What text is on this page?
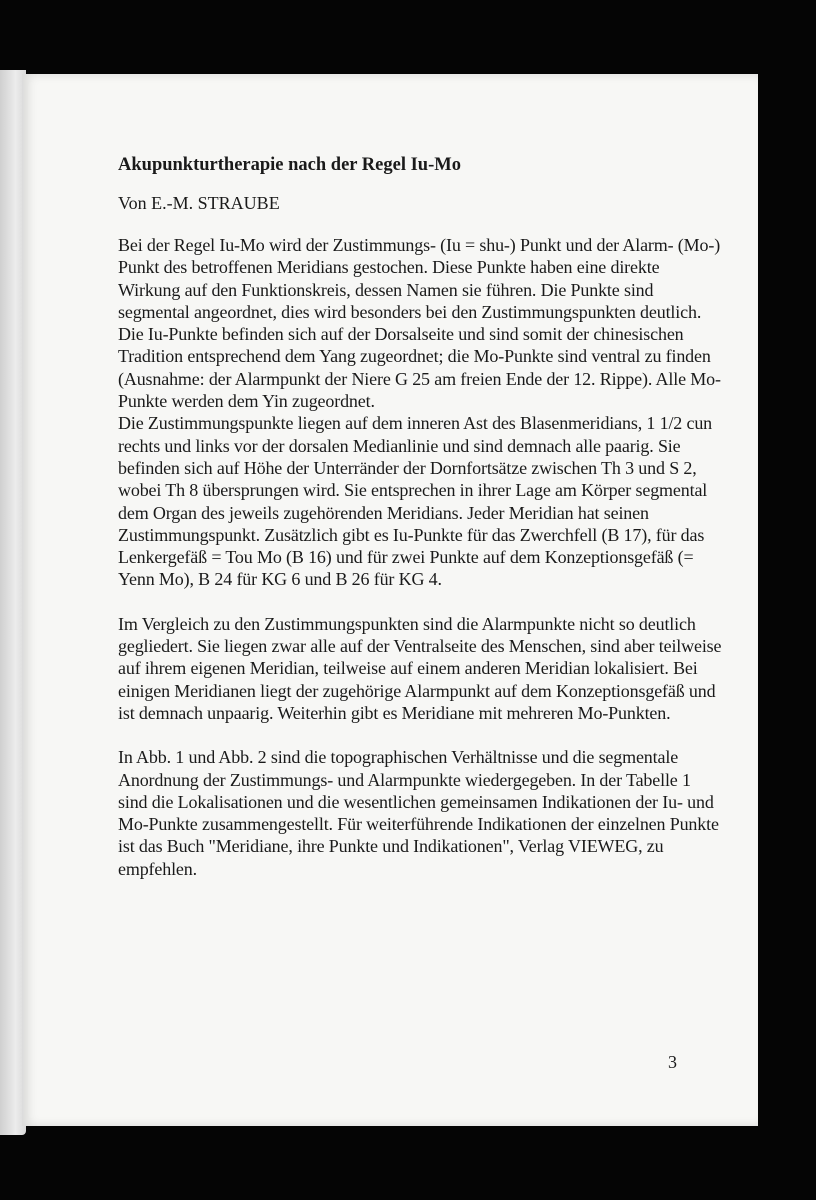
Akupunkturtherapie nach der Regel Iu-Mo

Von E.-M. STRAUBE

Bei der Regel Iu-Mo wird der Zustimmungs- (Iu = shu-) Punkt und der Alarm- (Mo-) Punkt des betroffenen Meridians gestochen. Diese Punkte haben eine direkte Wirkung auf den Funktionskreis, dessen Namen sie führen. Die Punkte sind segmental angeordnet, dies wird besonders bei den Zustimmungspunkten deutlich. Die Iu-Punkte befinden sich auf der Dorsalseite und sind somit der chinesischen Tradition entsprechend dem Yang zugeordnet; die Mo-Punkte sind ventral zu finden (Ausnahme: der Alarmpunkt der Niere G 25 am freien Ende der 12. Rippe). Alle Mo-Punkte werden dem Yin zugeordnet.

Die Zustimmungspunkte liegen auf dem inneren Ast des Blasenmeridians, 1 1/2 cun rechts und links vor der dorsalen Medianlinie und sind demnach alle paarig. Sie befinden sich auf Höhe der Unterränder der Dornfortsätze zwischen Th 3 und S 2, wobei Th 8 übersprungen wird. Sie entsprechen in ihrer Lage am Körper segmental dem Organ des jeweils zugehörenden Meridians. Jeder Meridian hat seinen Zustimmungspunkt. Zusätzlich gibt es Iu-Punkte für das Zwerchfell (B 17), für das Lenkergefäß = Tou Mo (B 16) und für zwei Punkte auf dem Konzeptionsgefäß (= Yenn Mo), B 24 für KG 6 und B 26 für KG 4.

Im Vergleich zu den Zustimmungspunkten sind die Alarmpunkte nicht so deutlich gegliedert. Sie liegen zwar alle auf der Ventralseite des Menschen, sind aber teilweise auf ihrem eigenen Meridian, teilweise auf einem anderen Meridian lokalisiert. Bei einigen Meridianen liegt der zugehörige Alarmpunkt auf dem Konzeptionsgefäß und ist demnach unpaarig. Weiterhin gibt es Meridiane mit mehreren Mo-Punkten.

In Abb. 1 und Abb. 2 sind die topographischen Verhältnisse und die segmentale Anordnung der Zustimmungs- und Alarmpunkte wiedergegeben. In der Tabelle 1 sind die Lokalisationen und die wesentlichen gemeinsamen Indikationen der Iu- und Mo-Punkte zusammengestellt. Für weiterführende Indikationen der einzelnen Punkte ist das Buch "Meridiane, ihre Punkte und Indikationen", Verlag VIEWEG, zu empfehlen.

3
